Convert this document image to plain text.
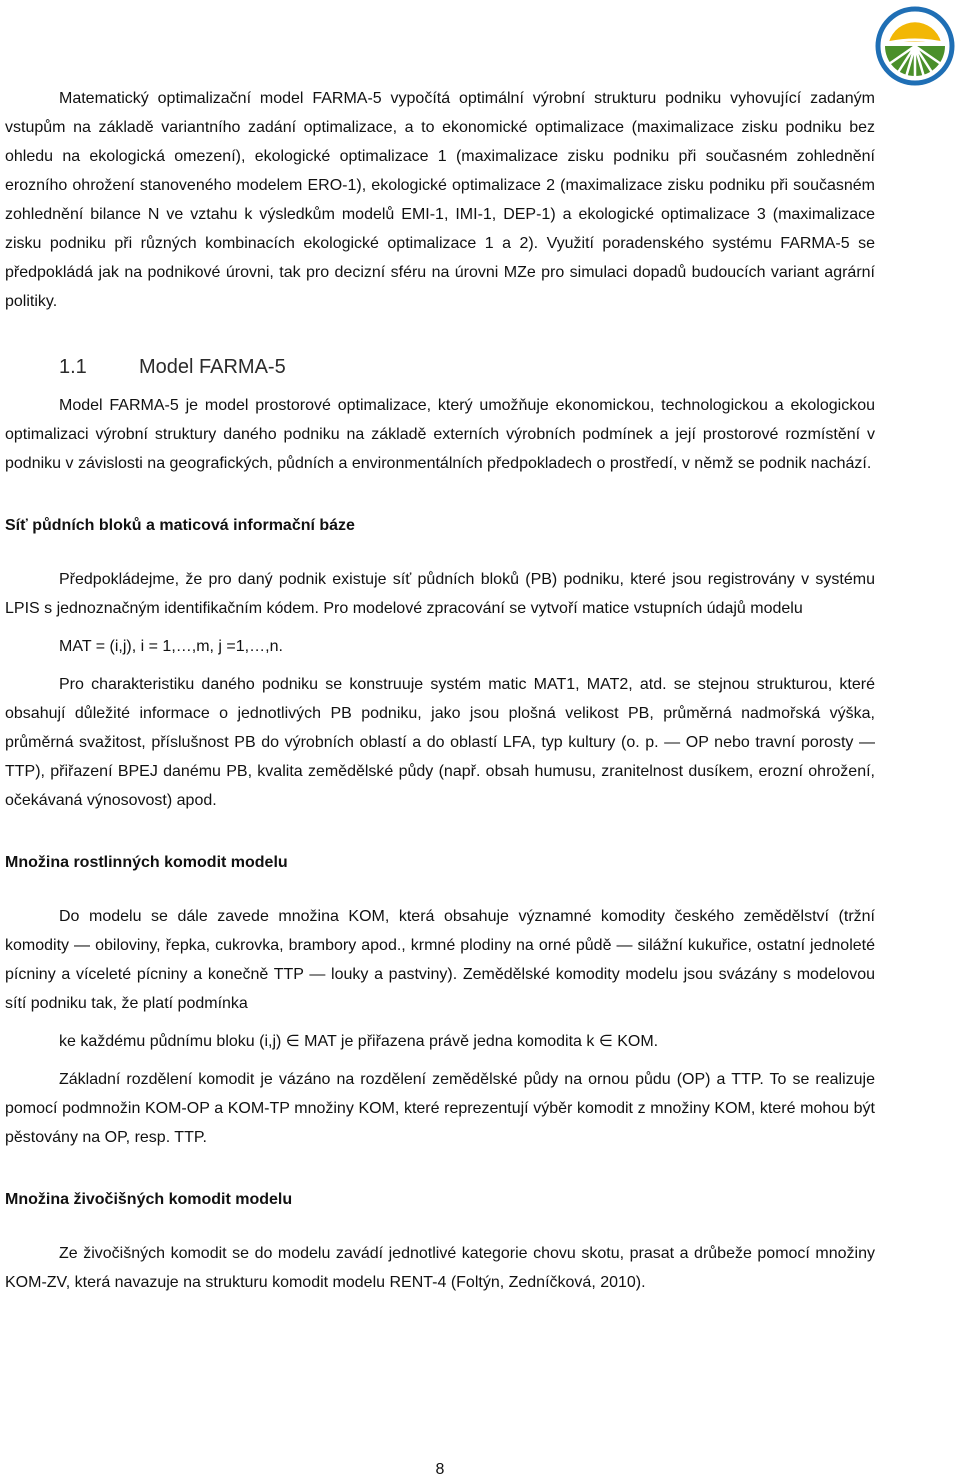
Matematický optimalizační model FARMA-5 vypočítá optimální výrobní strukturu podniku vyhovující zadaným vstupům na základě variantního zadání optimalizace, a to ekonomické optimalizace (maximalizace zisku podniku bez ohledu na ekologická omezení), ekologické optimalizace 1 (maximalizace zisku podniku při současném zohlednění erozního ohrožení stanoveného modelem ERO-1), ekologické optimalizace 2 (maximalizace zisku podniku při současném zohlednění bilance N ve vztahu k výsledkům modelů EMI-1, IMI-1, DEP-1) a ekologické optimalizace 3 (maximalizace zisku podniku při různých kombinacích ekologické optimalizace 1 a 2). Využití poradenského systému FARMA-5 se předpokládá jak na podnikové úrovni, tak pro decizní sféru na úrovni MZe pro simulaci dopadů budoucích variant agrární politiky.

1.1	Model FARMA-5

Model FARMA-5 je model prostorové optimalizace, který umožňuje ekonomickou, technologickou a ekologickou optimalizaci výrobní struktury daného podniku na základě externích výrobních podmínek a její prostorové rozmístění v podniku v závislosti na geografických, půdních a environmentálních předpokladech o prostředí, v němž se podnik nachází.

Síť půdních bloků a maticová informační báze

Předpokládejme, že pro daný podnik existuje síť půdních bloků (PB) podniku, které jsou registrovány v systému LPIS s jednoznačným identifikačním kódem. Pro modelové zpracování se vytvoří matice vstupních údajů modelu

MAT = (i,j), i = 1,…,m, j =1,…,n.

Pro charakteristiku daného podniku se konstruuje systém matic MAT1, MAT2, atd. se stejnou strukturou, které obsahují důležité informace o jednotlivých PB podniku, jako jsou plošná velikost PB, průměrná nadmořská výška, průměrná svažitost, příslušnost PB do výrobních oblastí a do oblastí LFA, typ kultury (o. p. — OP nebo travní porosty — TTP), přiřazení BPEJ danému PB, kvalita zemědělské půdy (např. obsah humusu, zranitelnost dusíkem, erozní ohrožení, očekávaná výnosovost) apod.

Množina rostlinných komodit modelu

Do modelu se dále zavede množina KOM, která obsahuje významné komodity českého zemědělství (tržní komodity — obiloviny, řepka, cukrovka, brambory apod., krmné plodiny na orné půdě — silážní kukuřice, ostatní jednoleté pícniny a víceleté pícniny a konečně TTP — louky a pastviny). Zemědělské komodity modelu jsou svázány s modelovou sítí podniku tak, že platí podmínka

ke každému půdnímu bloku (i,j) ∈ MAT je přiřazena právě jedna komodita k ∈ KOM.

Základní rozdělení komodit je vázáno na rozdělení zemědělské půdy na ornou půdu (OP) a TTP. To se realizuje pomocí podmnožin KOM-OP a KOM-TP množiny KOM, které reprezentují výběr komodit z množiny KOM, které mohou být pěstovány na OP, resp. TTP.

Množina živočišných komodit modelu

Ze živočišných komodit se do modelu zavádí jednotlivé kategorie chovu skotu, prasat a drůbeže pomocí množiny KOM-ZV, která navazuje na strukturu komodit modelu RENT-4 (Foltýn, Zedníčková, 2010).

8
